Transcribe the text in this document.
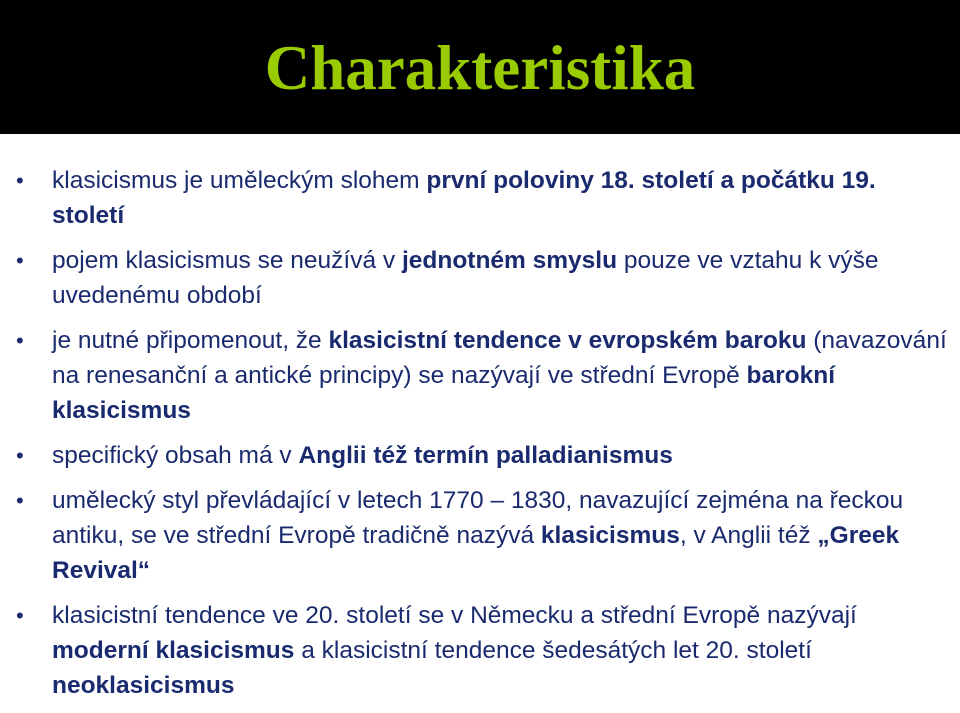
Charakteristika
• klasicismus je uměleckým slohem první poloviny 18. století a počátku 19. století
• pojem klasicismus se neužívá v jednotném smyslu pouze ve vztahu k výše uvedenému období
• je nutné připomenout, že klasicistní tendence v evropském baroku (navazování na renesanční a antické principy) se nazývají ve střední Evropě barokní klasicismus
• specifický obsah má v Anglii též termín palladianismus
• umělecký styl převládající v letech 1770 – 1830, navazující zejména na řeckou antiku, se ve střední Evropě tradičně nazývá klasicismus, v Anglii též „Greek Revival“
• klasicistní tendence ve 20. století se v Německu a střední Evropě nazývají moderní klasicismus a klasicistní tendence šedesátých let 20. století neoklasicismus
